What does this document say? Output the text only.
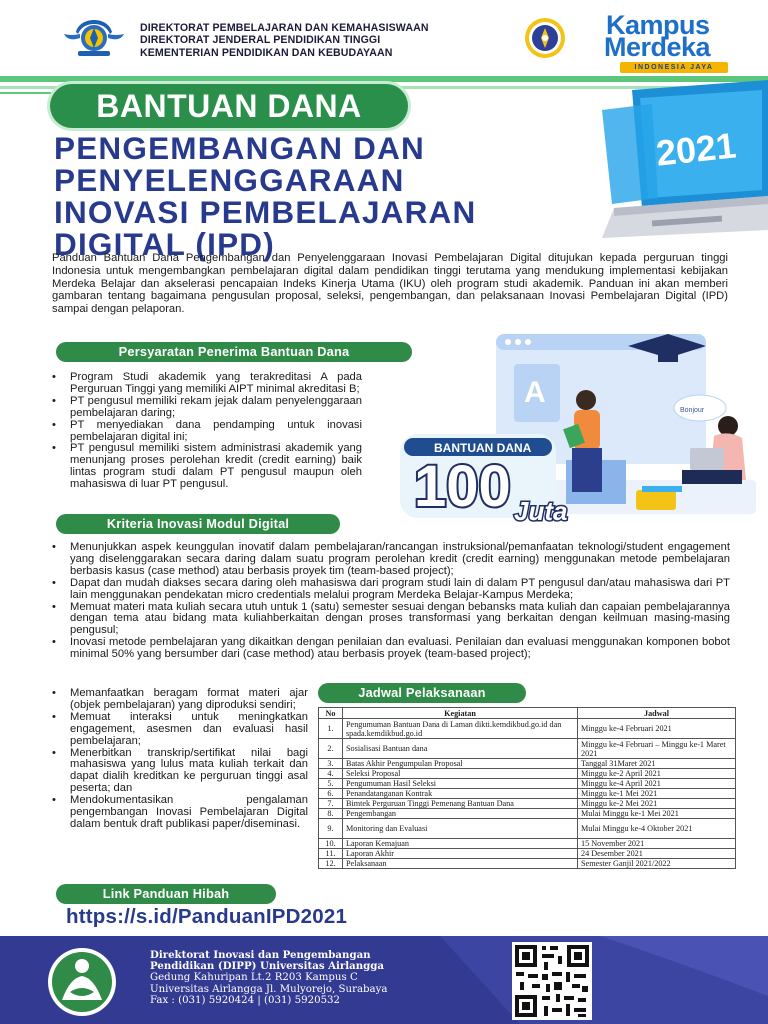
DIREKTORAT PEMBELAJARAN DAN KEMAHASISWAAN
DIREKTORAT JENDERAL PENDIDIKAN TINGGI
KEMENTERIAN PENDIDIKAN DAN KEBUDAYAAN
Kampus
Merdeka
INDONESIA JAYA
BANTUAN DANA
PENGEMBANGAN DAN
PENYELENGGARAAN
INOVASI PEMBELAJARAN
DIGITAL (IPD)
2021

Panduan Bantuan Dana Pengembangan dan Penyelenggaraan Inovasi Pembelajaran Digital ditujukan kepada perguruan tinggi Indonesia untuk mengembangkan pembelajaran digital dalam pendidikan tinggi terutama yang mendukung implementasi kebijakan Merdeka Belajar dan akselerasi pencapaian Indeks Kinerja Utama (IKU) oleh program studi akademik. Panduan ini akan memberi gambaran tentang bagaimana pengusulan proposal, seleksi, pengembangan, dan pelaksanaan Inovasi Pembelajaran Digital (IPD) sampai dengan pelaporan.

Persyaratan Penerima Bantuan Dana
• Program Studi akademik yang terakreditasi A pada Perguruan Tinggi yang memiliki AIPT minimal akreditasi B;
• PT pengusul memiliki rekam jejak dalam penyelenggaraan pembelajaran daring;
• PT menyediakan dana pendamping untuk inovasi pembelajaran digital ini;
• PT pengusul memiliki sistem administrasi akademik yang menunjang proses perolehan kredit (credit earning) baik lintas program studi dalam PT pengusul maupun oleh mahasiswa di luar PT pengusul.
A
Bonjour
BANTUAN DANA
100 Juta
Kriteria Inovasi Modul Digital
• Menunjukkan aspek keunggulan inovatif dalam pembelajaran/rancangan instruksional/pemanfaatan teknologi/student engagement yang diselenggarakan secara daring dalam suatu program perolehan kredit (credit earning) menggunakan metode pembelajaran berbasis kasus (case method) atau berbasis proyek tim (team-based project);
• Dapat dan mudah diakses secara daring oleh mahasiswa dari program studi lain di dalam PT pengusul dan/atau mahasiswa dari PT lain menggunakan pendekatan micro credentials melalui program Merdeka Belajar-Kampus Merdeka;
• Memuat materi mata kuliah secara utuh untuk 1 (satu) semester sesuai dengan bebansks mata kuliah dan capaian pembelajarannya dengan tema atau bidang mata kuliahberkaitan dengan proses transformasi yang berkaitan dengan keilmuan masing-masing pengusul;
• Inovasi metode pembelajaran yang dikaitkan dengan penilaian dan evaluasi. Penilaian dan evaluasi menggunakan komponen bobot minimal 50% yang bersumber dari (case method) atau berbasis proyek (team-based project);
• Memanfaatkan beragam format materi ajar (objek pembelajaran) yang diproduksi sendiri;
• Memuat interaksi untuk meningkatkan engagement, asesmen dan evaluasi hasil pembelajaran;
• Menerbitkan transkrip/sertifikat nilai bagi mahasiswa yang lulus mata kuliah terkait dan dapat dialih kreditkan ke perguruan tinggi asal peserta; dan
• Mendokumentasikan pengalaman pengembangan Inovasi Pembelajaran Digital dalam bentuk draft publikasi paper/diseminasi.
Jadwal Pelaksanaan
No	Kegiatan	Jadwal
1.	Pengumuman Bantuan Dana di Laman dikti.kemdikbud.go.id dan spada.kemdikbud.go.id	Minggu ke-4 Februari 2021
2.	Sosialisasi Bantuan dana	Minggu ke-4 Februari – Minggu ke-1 Maret 2021
3.	Batas Akhir Pengumpulan Proposal	Tanggal 31Maret 2021
4.	Seleksi Proposal	Minggu ke-2 April 2021
5.	Pengumuman Hasil Seleksi	Minggu ke-4 April 2021
6.	Penandatanganan Kontrak	Minggu ke-1 Mei 2021
7.	Bimtek Perguruan Tinggi Pemenang Bantuan Dana	Minggu ke-2 Mei 2021
8.	Pengembangan	Mulai Minggu ke-1 Mei 2021
9.	Monitoring dan Evaluasi	Mulai Minggu ke-4 Oktober 2021
10.	Laporan Kemajuan	15 November 2021
11.	Laporan Akhir	24 Desember 2021
12.	Pelaksanaan	Semester Ganjil 2021/2022
Link Panduan Hibah
https://s.id/PanduanIPD2021
Direktorat Inovasi dan Pengembangan
Pendidikan (DIPP) Universitas Airlangga
Gedung Kahuripan Lt.2 R203 Kampus C
Universitas Airlangga Jl. Mulyorejo, Surabaya
Fax : (031) 5920424 | (031) 5920532
